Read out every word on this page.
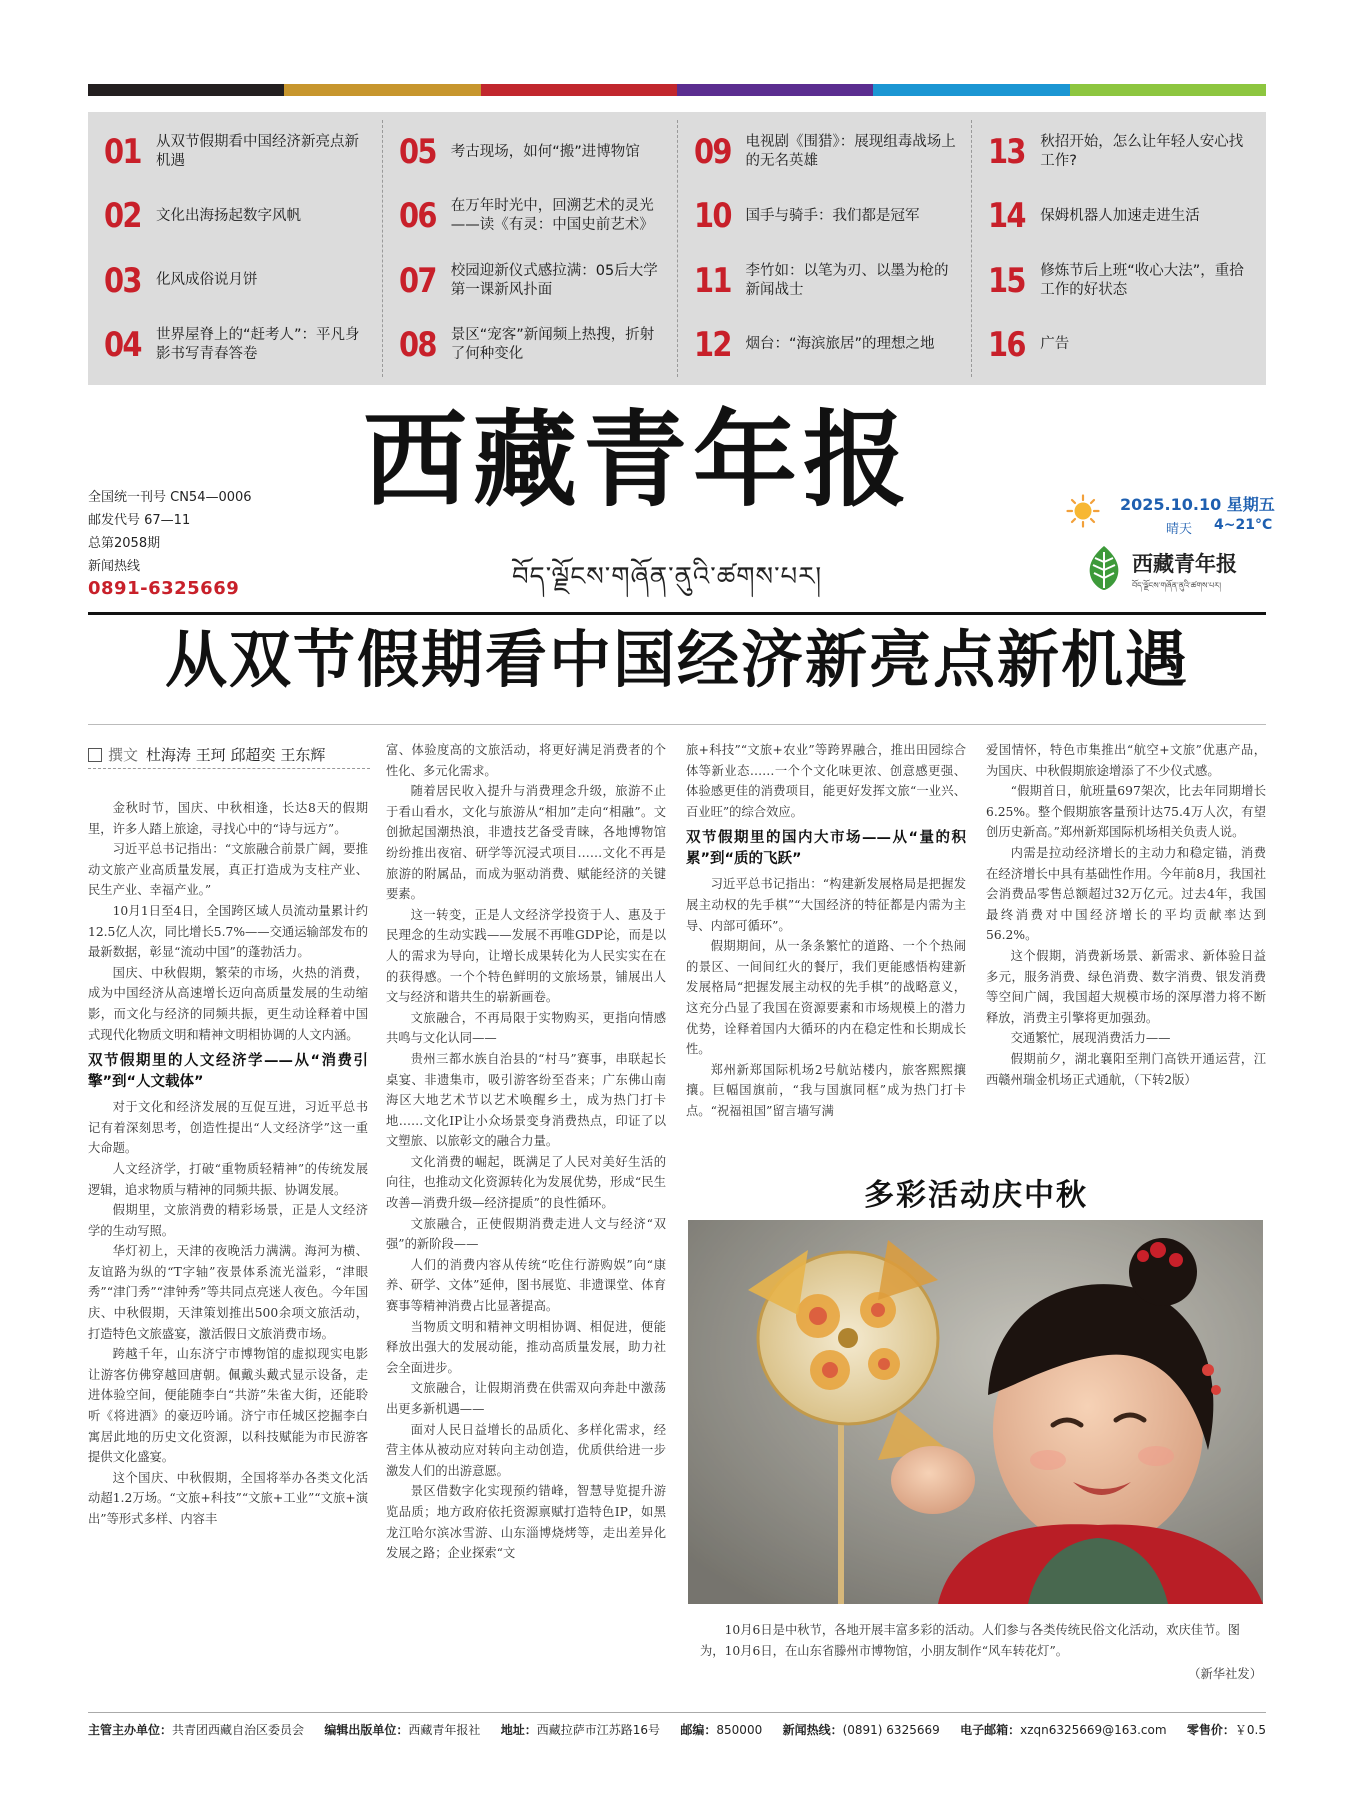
01	从双节假期看中国经济新亮点新机遇
02	文化出海扬起数字风帆
03	化风成俗说月饼
04	世界屋脊上的“赶考人”：平凡身影书写青春答卷
05	考古现场，如何“搬”进博物馆
06	在万年时光中，回溯艺术的灵光——读《有灵：中国史前艺术》
07	校园迎新仪式感拉满：05后大学第一课新风扑面
08	景区“宠客”新闻频上热搜，折射了何种变化
09	电视剧《围猎》：展现组毒战场上的无名英雄
10	国手与骑手：我们都是冠军
11	李竹如：以笔为刃、以墨为枪的新闻战士
12	烟台：“海滨旅居”的理想之地
13	秋招开始，怎么让年轻人安心找工作?
14	保姆机器人加速走进生活
15	修炼节后上班“收心大法”，重拾工作的好状态
16	广告
西藏青年报
བོད་ལྗོངས་གཞོན་ནུའི་ཚགས་པར།
全国统一刊号 CN54—0006
邮发代号 67—11
总第2058期
新闻热线
0891-6325669
2025.10.10 星期五
晴天 4~21°C
西藏青年报
བོད་ལྗོངས་གཞོན་ནུའི་ཚགས་པར།
从双节假期看中国经济新亮点新机遇
撰文 杜海涛 王珂 邱超奕 王东辉

金秋时节，国庆、中秋相逢，长达8天的假期里，许多人踏上旅途，寻找心中的“诗与远方”。

习近平总书记指出：“文旅融合前景广阔，要推动文旅产业高质量发展，真正打造成为支柱产业、民生产业、幸福产业。”

10月1日至4日，全国跨区域人员流动量累计约12.5亿人次，同比增长5.7%——交通运输部发布的最新数据，彰显“流动中国”的蓬勃活力。

国庆、中秋假期，繁荣的市场，火热的消费，成为中国经济从高速增长迈向高质量发展的生动缩影，而文化与经济的同频共振，更生动诠释着中国式现代化物质文明和精神文明相协调的人文内涵。

双节假期里的人文经济学——从“消费引擎”到“人文载体”

对于文化和经济发展的互促互进，习近平总书记有着深刻思考，创造性提出“人文经济学”这一重大命题。

人文经济学，打破“重物质轻精神”的传统发展逻辑，追求物质与精神的同频共振、协调发展。

假期里，文旅消费的精彩场景，正是人文经济学的生动写照。

华灯初上，天津的夜晚活力满满。海河为横、友谊路为纵的“T字轴”夜景体系流光溢彩，“津眼秀”“津门秀”“津钟秀”等共同点亮迷人夜色。今年国庆、中秋假期，天津策划推出500余项文旅活动，打造特色文旅盛宴，激活假日文旅消费市场。

跨越千年，山东济宁市博物馆的虚拟现实电影让游客仿佛穿越回唐朝。佩戴头戴式显示设备，走进体验空间，便能随李白“共游”朱雀大街，还能聆听《将进酒》的豪迈吟诵。济宁市任城区挖掘李白寓居此地的历史文化资源，以科技赋能为市民游客提供文化盛宴。

这个国庆、中秋假期，全国将举办各类文化活动超1.2万场。“文旅+科技”“文旅+工业”“文旅+演出”等形式多样、内容丰

富、体验度高的文旅活动，将更好满足消费者的个性化、多元化需求。

随着居民收入提升与消费理念升级，旅游不止于看山看水，文化与旅游从“相加”走向“相融”。文创掀起国潮热浪，非遗技艺备受青睐，各地博物馆纷纷推出夜宿、研学等沉浸式项目……文化不再是旅游的附属品，而成为驱动消费、赋能经济的关键要素。

这一转变，正是人文经济学投资于人、惠及于民理念的生动实践——发展不再唯GDP论，而是以人的需求为导向，让增长成果转化为人民实实在在的获得感。一个个特色鲜明的文旅场景，铺展出人文与经济和谐共生的崭新画卷。

文旅融合，不再局限于实物购买，更指向情感共鸣与文化认同——

贵州三都水族自治县的“村马”赛事，串联起长桌宴、非遗集市，吸引游客纷至沓来；广东佛山南海区大地艺术节以艺术唤醒乡土，成为热门打卡地……文化IP让小众场景变身消费热点，印证了以文塑旅、以旅彰文的融合力量。

文化消费的崛起，既满足了人民对美好生活的向往，也推动文化资源转化为发展优势，形成“民生改善—消费升级—经济提质”的良性循环。

文旅融合，正使假期消费走进人文与经济“双强”的新阶段——

人们的消费内容从传统“吃住行游购娱”向“康养、研学、文体”延伸，图书展览、非遗课堂、体育赛事等精神消费占比显著提高。

当物质文明和精神文明相协调、相促进，便能释放出强大的发展动能，推动高质量发展，助力社会全面进步。

文旅融合，让假期消费在供需双向奔赴中激荡出更多新机遇——

面对人民日益增长的品质化、多样化需求，经营主体从被动应对转向主动创造，优质供给进一步激发人们的出游意愿。

景区借数字化实现预约错峰，智慧导览提升游览品质；地方政府依托资源禀赋打造特色IP，如黑龙江哈尔滨冰雪游、山东淄博烧烤等，走出差异化发展之路；企业探索“文

旅+科技”“文旅+农业”等跨界融合，推出田园综合体等新业态……一个个文化味更浓、创意感更强、体验感更佳的消费项目，能更好发挥文旅“一业兴、百业旺”的综合效应。

双节假期里的国内大市场——从“量的积累”到“质的飞跃”

习近平总书记指出：“构建新发展格局是把握发展主动权的先手棋”“大国经济的特征都是内需为主导、内部可循环”。

假期期间，从一条条繁忙的道路、一个个热闹的景区、一间间红火的餐厅，我们更能感悟构建新发展格局“把握发展主动权的先手棋”的战略意义，这充分凸显了我国在资源要素和市场规模上的潜力优势，诠释着国内大循环的内在稳定性和长期成长性。

郑州新郑国际机场2号航站楼内，旅客熙熙攘攘。巨幅国旗前，“我与国旗同框”成为热门打卡点。“祝福祖国”留言墙写满

爱国情怀，特色市集推出“航空+文旅”优惠产品，为国庆、中秋假期旅途增添了不少仪式感。

“假期首日，航班量697架次，比去年同期增长6.25%。整个假期旅客量预计达75.4万人次，有望创历史新高。”郑州新郑国际机场相关负责人说。

内需是拉动经济增长的主动力和稳定锚，消费在经济增长中具有基础性作用。今年前8月，我国社会消费品零售总额超过32万亿元。过去4年，我国最终消费对中国经济增长的平均贡献率达到56.2%。

这个假期，消费新场景、新需求、新体验日益多元，服务消费、绿色消费、数字消费、银发消费等空间广阔，我国超大规模市场的深厚潜力将不断释放，消费主引擎将更加强劲。

交通繁忙，展现消费活力——

假期前夕，湖北襄阳至荆门高铁开通运营，江西赣州瑞金机场正式通航，（下转2版）

多彩活动庆中秋
10月6日是中秋节，各地开展丰富多彩的活动。人们参与各类传统民俗文化活动，欢庆佳节。图为，10月6日，在山东省滕州市博物馆，小朋友制作“风车转花灯”。
（新华社发）
主管主办单位：共青团西藏自治区委员会 编辑出版单位：西藏青年报社 地址：西藏拉萨市江苏路16号 邮编：850000 新闻热线：(0891) 6325669 电子邮箱：xzqn6325669@163.com 零售价：￥0.5
